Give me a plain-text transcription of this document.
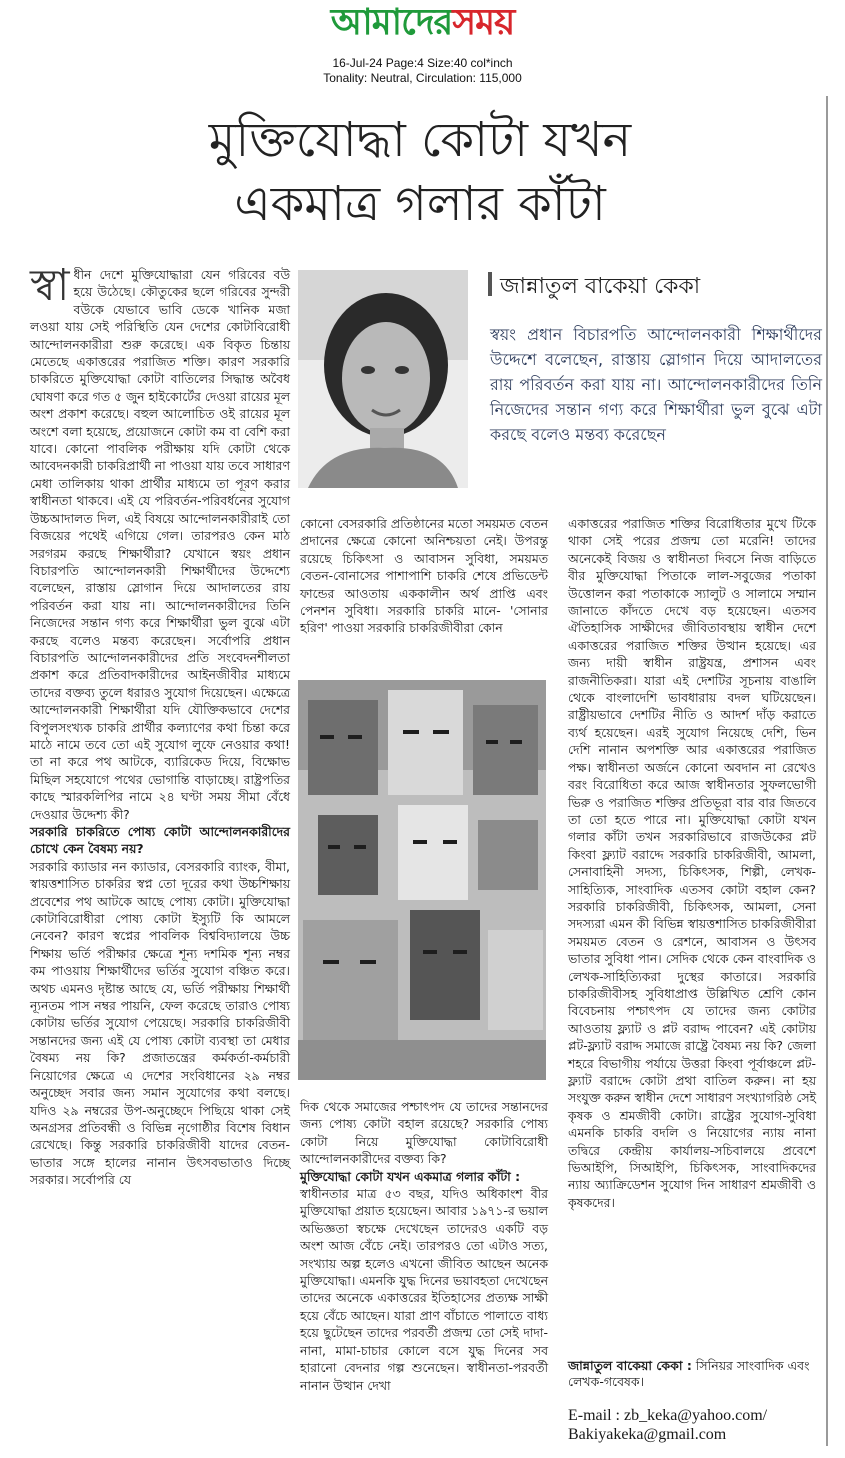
আমাদেরসময়
16-Jul-24 Page:4 Size:40 col*inch
Tonality: Neutral, Circulation: 115,000
মুক্তিযোদ্ধা কোটা যখন
একমাত্র গলার কাঁটা
স্বা ধীন দেশে মুক্তিযোদ্ধারা যেন গরিবের বউ হয়ে উঠেছে। কৌতুকের ছলে গরিবের সুন্দরী বউকে যেভাবে ভাবি ডেকে খানিক মজা লওয়া যায় সেই পরিস্থিতি যেন দেশের কোটাবিরোধী আন্দোলনকারীরা শুরু করেছে। এক বিকৃত চিন্তায় মেতেছে একাত্তরের পরাজিত শক্তি। কারণ সরকারি চাকরিতে মুক্তিযোদ্ধা কোটা বাতিলের সিদ্ধান্ত অবৈধ ঘোষণা করে গত ৫ জুন হাইকোর্টের দেওয়া রায়ের মূল অংশ প্রকাশ করেছে। বহুল আলোচিত ওই রায়ের মূল অংশে বলা হয়েছে, প্রয়োজনে কোটা কম বা বেশি করা যাবে। কোনো পাবলিক পরীক্ষায় যদি কোটা থেকে আবেদনকারী চাকরিপ্রার্থী না পাওয়া যায় তবে সাধারণ মেধা তালিকায় থাকা প্রার্থীর মাধ্যমে তা পূরণ করার স্বাধীনতা থাকবে। এই যে পরিবর্তন-পরিবর্ধনের সুযোগ উচ্চআদালত দিল, এই বিষয়ে আন্দোলনকারীরাই তো বিজয়ের পথেই এগিয়ে গেল। তারপরও কেন মাঠ সরগরম করছে শিক্ষার্থীরা? যেখানে স্বয়ং প্রধান বিচারপতি আন্দোলনকারী শিক্ষার্থীদের উদ্দেশ্যে বলেছেন, রাস্তায় স্লোগান দিয়ে আদালতের রায় পরিবর্তন করা যায় না। আন্দোলনকারীদের তিনি নিজেদের সন্তান গণ্য করে শিক্ষার্থীরা ভুল বুঝে এটা করছে বলেও মন্তব্য করেছেন। সর্বোপরি প্রধান বিচারপতি আন্দোলনকারীদের প্রতি সংবেদনশীলতা প্রকাশ করে প্রতিবাদকারীদের আইনজীবীর মাধ্যমে তাদের বক্তব্য তুলে ধরারও সুযোগ দিয়েছেন। এক্ষেত্রে আন্দোলনকারী শিক্ষার্থীরা যদি যৌক্তিকভাবে দেশের বিপুলসংখ্যক চাকরি প্রার্থীর কল্যাণের কথা চিন্তা করে মাঠে নামে তবে তো এই সুযোগ লুফে নেওয়ার কথা! তা না করে পথ আটকে, ব্যারিকেড দিয়ে, বিক্ষোভ মিছিল সহযোগে পথের ভোগান্তি বাড়াচ্ছে। রাষ্ট্রপতির কাছে স্মারকলিপির নামে ২৪ ঘণ্টা সময় সীমা বেঁধে দেওয়ার উদ্দেশ্য কী?

সরকারি চাকরিতে পোষ্য কোটা আন্দোলনকারীদের চোখে কেন বৈষম্য নয়?

সরকারি ক্যাডার নন ক্যাডার, বেসরকারি ব্যাংক, বীমা, স্বায়ত্তশাসিত চাকরির স্বপ্ন তো দূরের কথা উচ্চশিক্ষায় প্রবেশের পথ আটকে আছে পোষ্য কোটা। মুক্তিযোদ্ধা কোটাবিরোধীরা পোষ্য কোটা ইস্যুটি কি আমলে নেবেন? কারণ স্বপ্নের পাবলিক বিশ্ববিদ্যালয়ে উচ্চ শিক্ষায় ভর্তি পরীক্ষার ক্ষেত্রে শূন্য দশমিক শূন্য নম্বর কম পাওয়ায় শিক্ষার্থীদের ভর্তির সুযোগ বঞ্চিত করে। অথচ এমনও দৃষ্টান্ত আছে যে, ভর্তি পরীক্ষায় শিক্ষার্থী ন্যূনতম পাস নম্বর পায়নি, ফেল করেছে তারাও পোষ্য কোটায় ভর্তির সুযোগ পেয়েছে। সরকারি চাকরিজীবী সন্তানদের জন্য এই যে পোষ্য কোটা ব্যবস্থা তা মেধার বৈষম্য নয় কি? প্রজাতন্ত্রের কর্মকর্তা-কর্মচারী নিয়োগের ক্ষেত্রে এ দেশের সংবিধানের ২৯ নম্বর অনুচ্ছেদ সবার জন্য সমান সুযোগের কথা বলছে। যদিও ২৯ নম্বরের উপ-অনুচ্ছেদে পিছিয়ে থাকা সেই অনগ্রসর প্রতিবন্ধী ও বিভিন্ন নৃগোষ্ঠীর বিশেষ বিধান রেখেছে। কিন্তু সরকারি চাকরিজীবী যাদের বেতন-ভাতার সঙ্গে হালের নানান উৎসবভাতাও দিচ্ছে সরকার। সর্বোপরি যে

জান্নাতুল বাকেয়া কেকা
স্বয়ং প্রধান বিচারপতি আন্দোলনকারী শিক্ষার্থীদের উদ্দেশে বলেছেন, রাস্তায় স্লোগান দিয়ে আদালতের রায় পরিবর্তন করা যায় না। আন্দোলনকারীদের তিনি নিজেদের সন্তান গণ্য করে শিক্ষার্থীরা ভুল বুঝে এটা করছে বলেও মন্তব্য করেছেন

কোনো বেসরকারি প্রতিষ্ঠানের মতো সময়মত বেতন প্রদানের ক্ষেত্রে কোনো অনিশ্চয়তা নেই। উপরন্তু রয়েছে চিকিৎসা ও আবাসন সুবিধা, সময়মত বেতন-বোনাসের পাশাপাশি চাকরি শেষে প্রভিডেন্ট ফান্ডের আওতায় এককালীন অর্থ প্রাপ্তি এবং পেনশন সুবিধা। সরকারি চাকরি মানে- 'সোনার হরিণ' পাওয়া সরকারি চাকরিজীবীরা কোন

দিক থেকে সমাজের পশ্চাৎপদ যে তাদের সন্তানদের জন্য পোষ্য কোটা বহাল রয়েছে? সরকারি পোষ্য কোটা নিয়ে মুক্তিযোদ্ধা কোটাবিরোধী আন্দোলনকারীদের বক্তব্য কি?

মুক্তিযোদ্ধা কোটা যখন একমাত্র গলার কাঁটা :

স্বাধীনতার মাত্র ৫৩ বছর, যদিও অধিকাংশ বীর মুক্তিযোদ্ধা প্রয়াত হয়েছেন। আবার ১৯৭১-র ভয়াল অভিজ্ঞতা স্বচক্ষে দেখেছেন তাদেরও একটি বড় অংশ আজ বেঁচে নেই। তারপরও তো এটাও সত্য, সংখ্যায় অল্প হলেও এখনো জীবিত আছেন অনেক মুক্তিযোদ্ধা। এমনকি যুদ্ধ দিনের ভয়াবহতা দেখেছেন তাদের অনেকে একাত্তরের ইতিহাসের প্রত্যক্ষ সাক্ষী হয়ে বেঁচে আছেন। যারা প্রাণ বাঁচাতে পালাতে বাধ্য হয়ে ছুটেছেন তাদের পরবর্তী প্রজন্ম তো সেই দাদা-নানা, মামা-চাচার কোলে বসে যুদ্ধ দিনের সব হারানো বেদনার গল্প শুনেছেন। স্বাধীনতা-পরবর্তী নানান উত্থান দেখা

একাত্তরের পরাজিত শক্তির বিরোধিতার মুখে টিকে থাকা সেই পরের প্রজন্ম তো মরেনি! তাদের অনেকেই বিজয় ও স্বাধীনতা দিবসে নিজ বাড়িতে বীর মুক্তিযোদ্ধা পিতাকে লাল-সবুজের পতাকা উত্তোলন করা পতাকাকে স্যালুট ও সালামে সম্মান জানাতে কাঁদতে দেখে বড় হয়েছেন। এতসব ঐতিহাসিক সাক্ষীদের জীবিতাবস্থায় স্বাধীন দেশে একাত্তরের পরাজিত শক্তির উত্থান হয়েছে। এর জন্য দায়ী স্বাধীন রাষ্ট্রযন্ত্র, প্রশাসন এবং রাজনীতিকরা। যারা এই দেশটির সূচনায় বাঙালি থেকে বাংলাদেশি ভাবধারায় বদল ঘটিয়েছেন। রাষ্ট্রীয়ভাবে দেশটির নীতি ও আদর্শ দাঁড় করাতে ব্যর্থ হয়েছেন। এরই সুযোগ নিয়েছে দেশি, ভিন দেশি নানান অপশক্তি আর একাত্তরের পরাজিত পক্ষ। স্বাধীনতা অর্জনে কোনো অবদান না রেখেও বরং বিরোধিতা করে আজ স্বাধীনতার সুফলভোগী ভিরু ও পরাজিত শক্তির প্রতিভূরা বার বার জিতবে তা তো হতে পারে না। মুক্তিযোদ্ধা কোটা যখন গলার কাঁটা তখন সরকারিভাবে রাজউকের প্লট কিংবা ফ্ল্যাট বরাদ্দে সরকারি চাকরিজীবী, আমলা, সেনাবাহিনী সদস্য, চিকিৎসক, শিল্পী, লেখক-সাহিত্যিক, সাংবাদিক এতসব কোটা বহাল কেন? সরকারি চাকরিজীবী, চিকিৎসক, আমলা, সেনা সদস্যরা এমন কী বিভিন্ন স্বায়ত্তশাসিত চাকরিজীবীরা সময়মত বেতন ও রেশনে, আবাসন ও উৎসব ভাতার সুবিধা পান। সেদিক থেকে কেন বাংবাদিক ও লেখক-সাহিত্যিকরা দুস্থের কাতারে। সরকারি চাকরিজীবীসহ সুবিধাপ্রাপ্ত উল্লিখিত শ্রেণি কোন বিবেচনায় পশ্চাৎপদ যে তাদের জন্য কোটার আওতায় ফ্ল্যাট ও প্লট বরাদ্দ পাবেন? এই কোটায় প্লট-ফ্ল্যাট বরাদ্দ সমাজে রাষ্ট্রে বৈষম্য নয় কি? জেলা শহরে বিভাগীয় পর্যায়ে উত্তরা কিংবা পূর্বাঞ্চলে প্লট-ফ্ল্যাট বরাদ্দে কোটা প্রথা বাতিল করুন। না হয় সংযুক্ত করুন স্বাধীন দেশে সাধারণ সংখ্যাগরিষ্ঠ সেই কৃষক ও শ্রমজীবী কোটা। রাষ্ট্রের সুযোগ-সুবিধা এমনকি চাকরি বদলি ও নিয়োগের ন্যায় নানা তদ্বিরে কেন্দ্রীয় কার্যালয়-সচিবালয়ে প্রবেশে ভিআইপি, সিআইপি, চিকিৎসক, সাংবাদিকদের ন্যায় অ্যাক্রিডেশন সুযোগ দিন সাধারণ শ্রমজীবী ও কৃষকদের।

জান্নাতুল বাকেয়া কেকা : সিনিয়র সাংবাদিক এবং লেখক-গবেষক।
E-mail : zb_keka@yahoo.com/
Bakiyakeka@gmail.com
